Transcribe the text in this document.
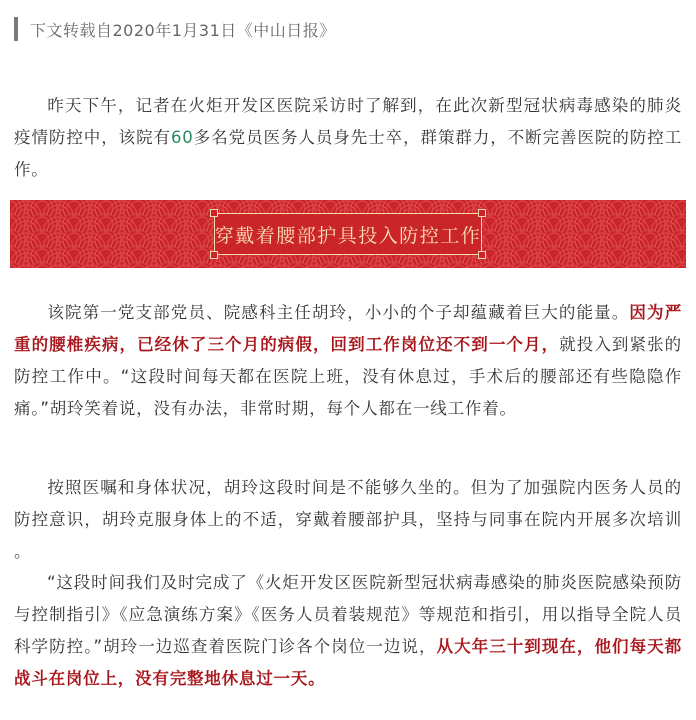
下文转载自2020年1月31日《中山日报》

昨天下午，记者在火炬开发区医院采访时了解到，在此次新型冠状病毒感染的肺炎疫情防控中，该院有60多名党员医务人员身先士卒，群策群力，不断完善医院的防控工作。

穿戴着腰部护具投入防控工作

该院第一党支部党员、院感科主任胡玲，小小的个子却蕴藏着巨大的能量。因为严重的腰椎疾病，已经休了三个月的病假，回到工作岗位还不到一个月，就投入到紧张的防控工作中。“这段时间每天都在医院上班，没有休息过，手术后的腰部还有些隐隐作痛。”胡玲笑着说，没有办法，非常时期，每个人都在一线工作着。

按照医嘱和身体状况，胡玲这段时间是不能够久坐的。但为了加强院内医务人员的防控意识，胡玲克服身体上的不适，穿戴着腰部护具，坚持与同事在院内开展多次培训 。

“这段时间我们及时完成了《火炬开发区医院新型冠状病毒感染的肺炎医院感染预防与控制指引》《应急演练方案》《医务人员着装规范》等规范和指引，用以指导全院人员科学防控。”胡玲一边巡查着医院门诊各个岗位一边说，从大年三十到现在，他们每天都战斗在岗位上，没有完整地休息过一天。
